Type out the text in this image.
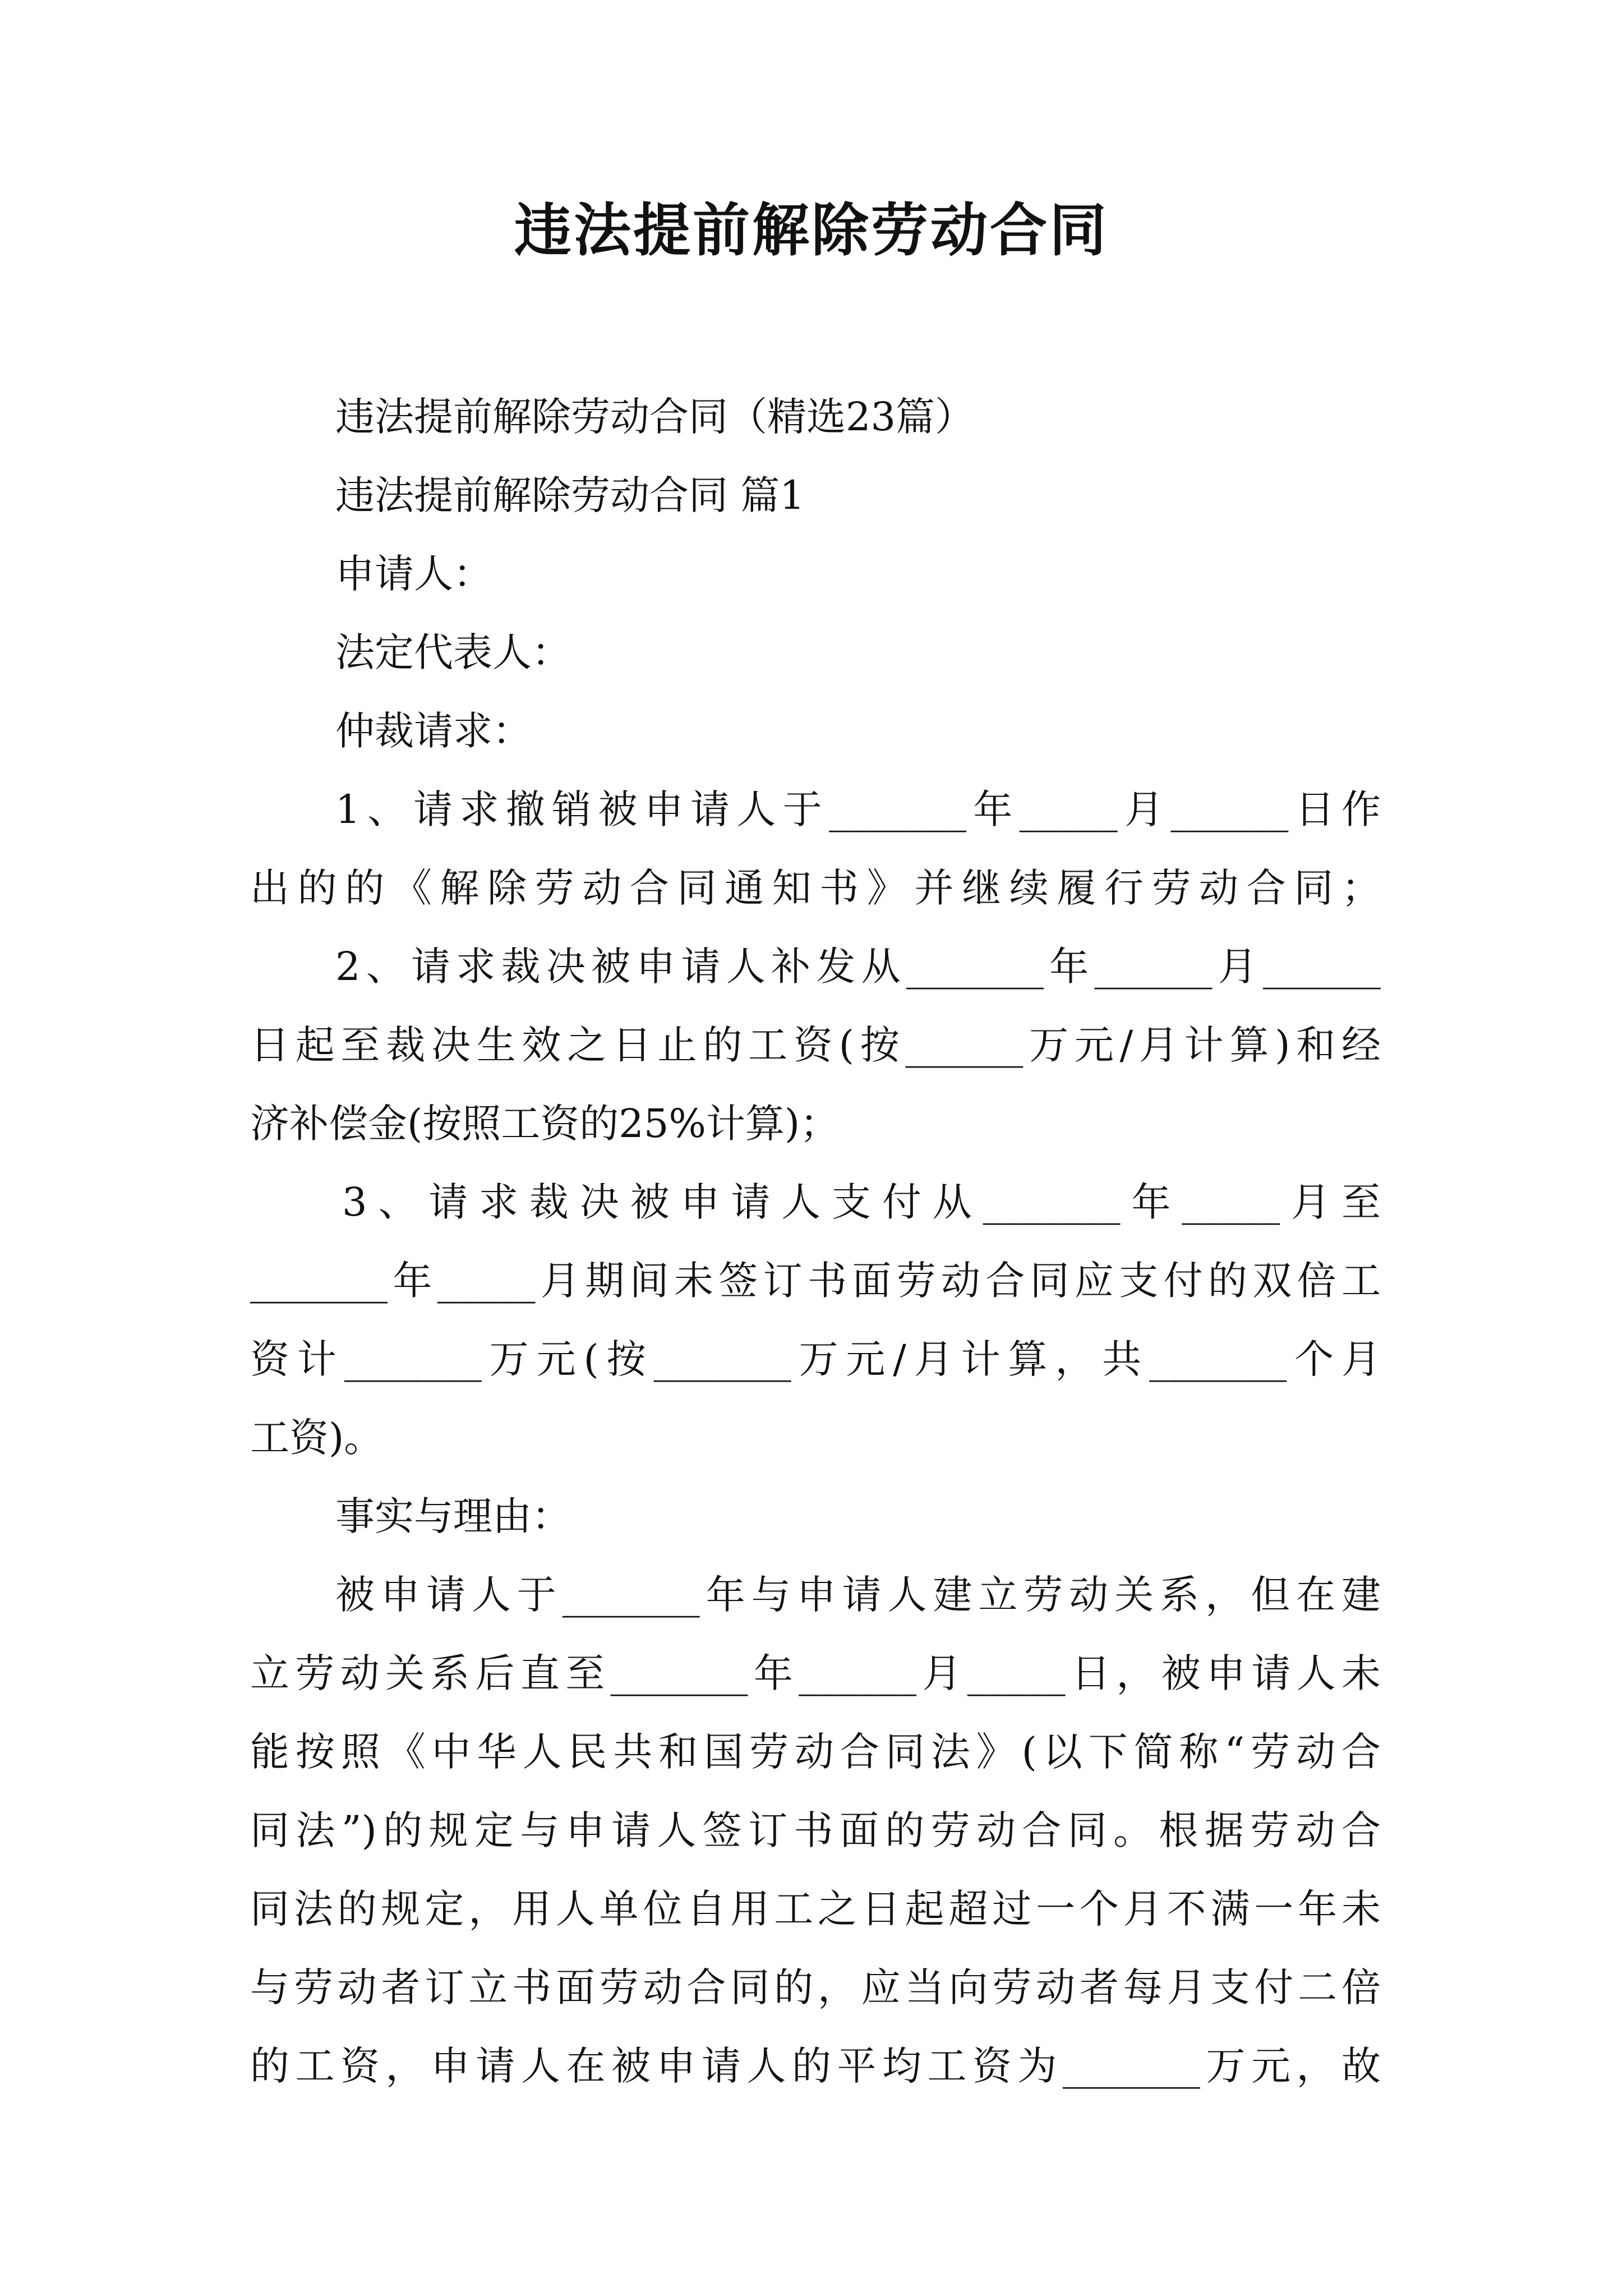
违法提前解除劳动合同
违法提前解除劳动合同（精选23篇）
违法提前解除劳动合同 篇1
申请人：
法定代表人：
仲裁请求：
1、请求撤销被申请人于_______年_____月______日作
出的的《解除劳动合同通知书》并继续履行劳动合同；
2、请求裁决被申请人补发从_______年______月______
日起至裁决生效之日止的工资(按______万元/月计算)和经
济补偿金(按照工资的25%计算)；
3、请求裁决被申请人支付从_______年_____月至
_______年_____月期间未签订书面劳动合同应支付的双倍工
资计_______万元(按_______万元/月计算，共_______个月
工资)。
事实与理由：
被申请人于_______年与申请人建立劳动关系，但在建
立劳动关系后直至_______年______月_____日，被申请人未
能按照《中华人民共和国劳动合同法》(以下简称“劳动合
同法”)的规定与申请人签订书面的劳动合同。根据劳动合
同法的规定，用人单位自用工之日起超过一个月不满一年未
与劳动者订立书面劳动合同的，应当向劳动者每月支付二倍
的工资，申请人在被申请人的平均工资为_______万元，故
